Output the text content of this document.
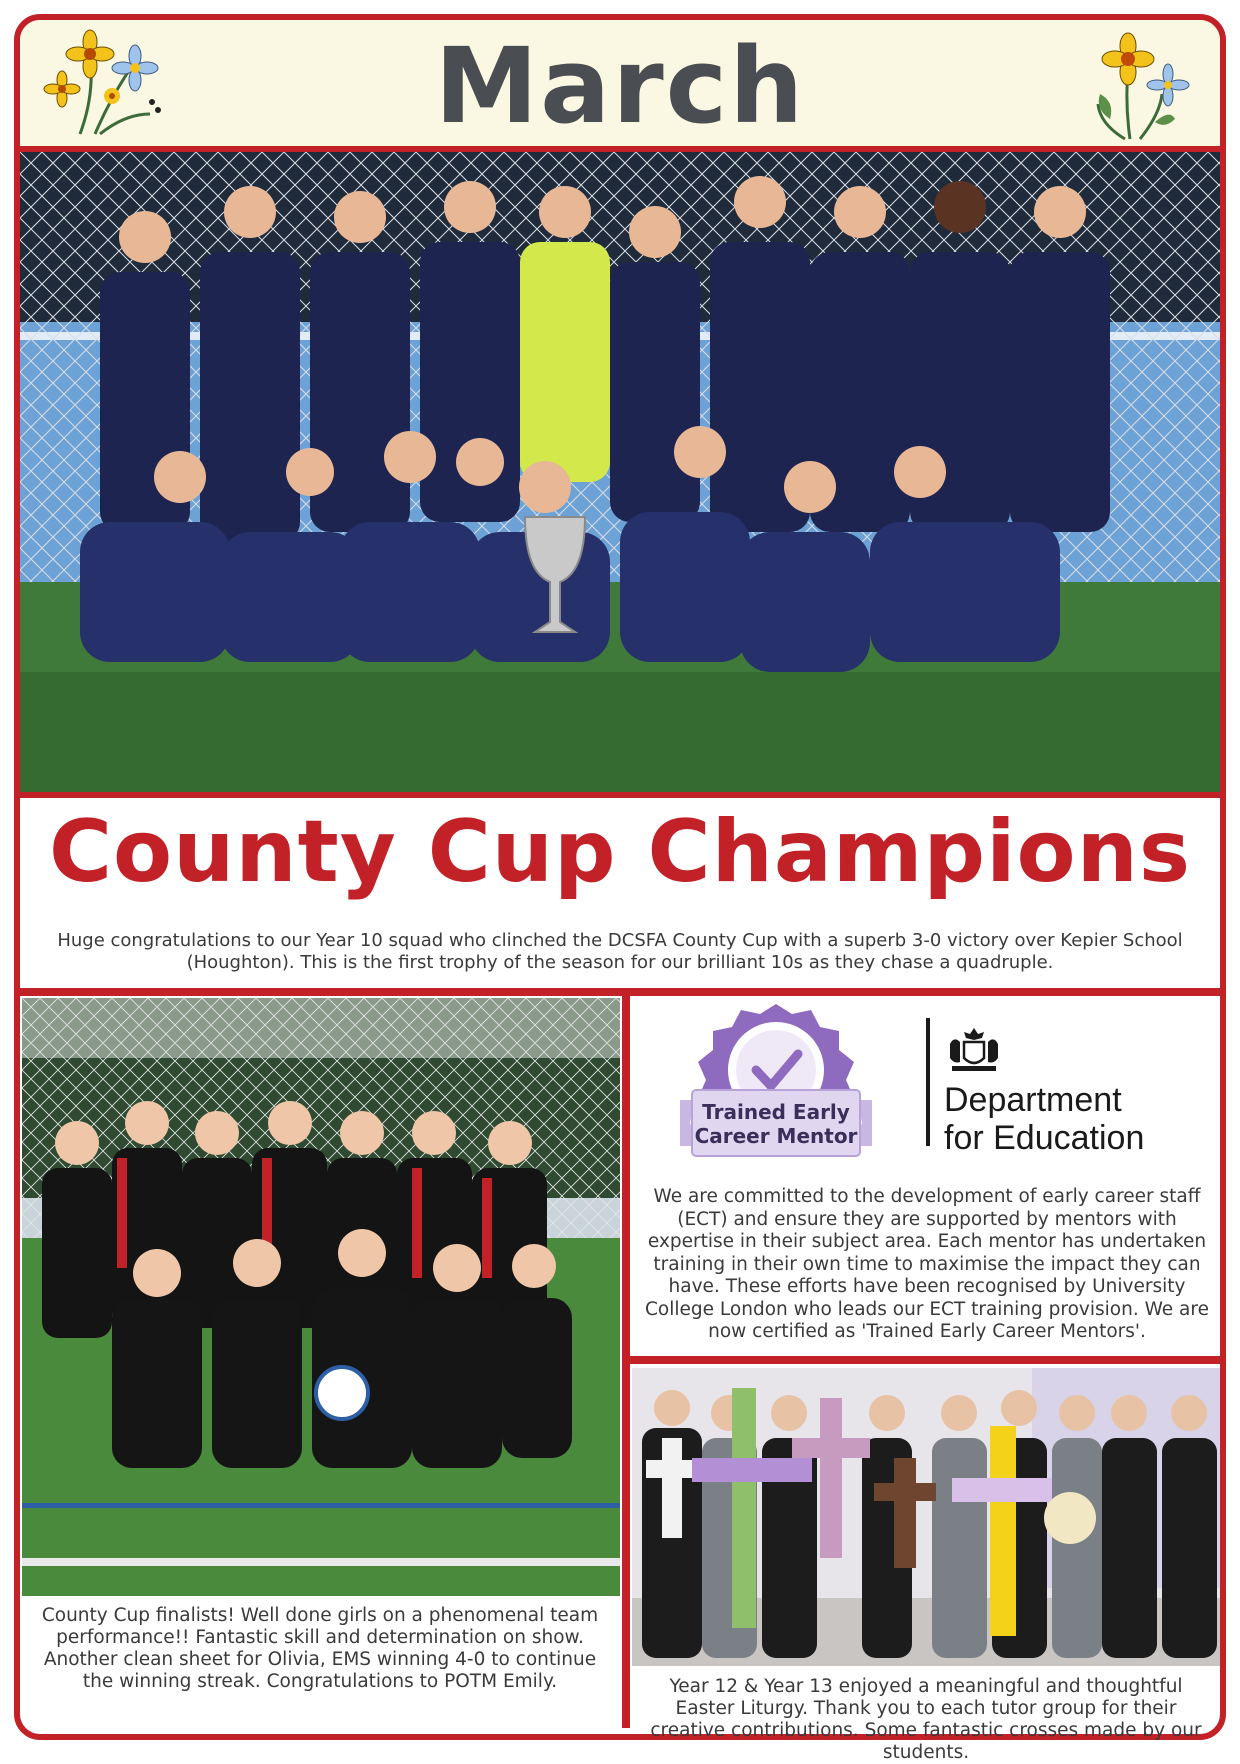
March
County Cup Champions
Huge congratulations to our Year 10 squad who clinched the DCSFA County Cup with a superb 3-0 victory over Kepier School (Houghton). This is the first trophy of the season for our brilliant 10s as they chase a quadruple.
County Cup finalists! Well done girls on a phenomenal team performance!! Fantastic skill and determination on show. Another clean sheet for Olivia, EMS winning 4-0 to continue the winning streak. Congratulations to POTM Emily.
Trained Early
Career Mentor
Department
for Education
We are committed to the development of early career staff (ECT) and ensure they are supported by mentors with expertise in their subject area. Each mentor has undertaken training in their own time to maximise the impact they can have. These efforts have been recognised by University College London who leads our ECT training provision. We are now certified as 'Trained Early Career Mentors'.
Year 12 & Year 13 enjoyed a meaningful and thoughtful Easter Liturgy. Thank you to each tutor group for their creative contributions. Some fantastic crosses made by our students.
